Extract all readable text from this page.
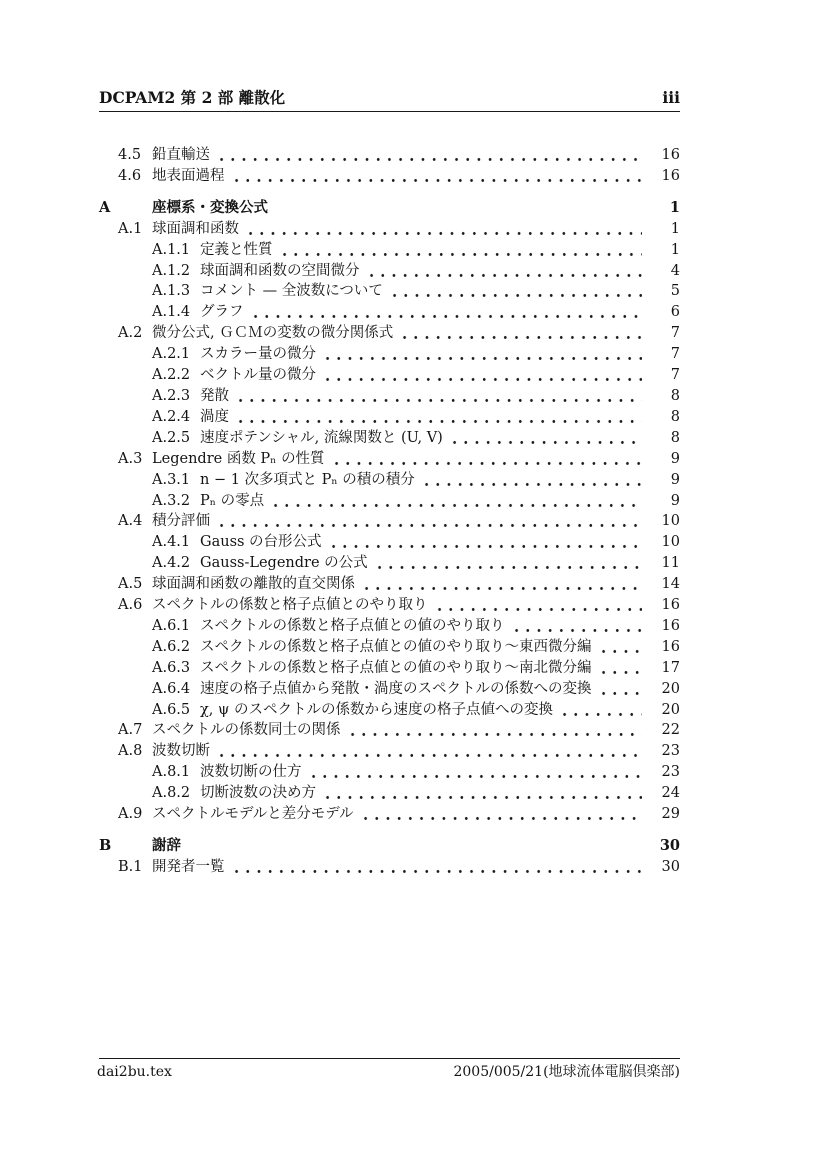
DCPAM2 第 2 部 離散化	iii
4.5 鉛直輸送	16
4.6 地表面過程	16
A	座標系・変換公式	1
A.1 球面調和函数	1
A.1.1 定義と性質	1
A.1.2 球面調和函数の空間微分	4
A.1.3 コメント — 全波数について	5
A.1.4 グラフ	6
A.2 微分公式, ＧＣＭの変数の微分関係式	7
A.2.1 スカラー量の微分	7
A.2.2 ベクトル量の微分	7
A.2.3 発散	8
A.2.4 渦度	8
A.2.5 速度ポテンシャル, 流線関数と (U, V)	8
A.3 Legendre 函数 Pₙ の性質	9
A.3.1 n − 1 次多項式と Pₙ の積の積分	9
A.3.2 Pₙ の零点	9
A.4 積分評価	10
A.4.1 Gauss の台形公式	10
A.4.2 Gauss-Legendre の公式	11
A.5 球面調和函数の離散的直交関係	14
A.6 スペクトルの係数と格子点値とのやり取り	16
A.6.1 スペクトルの係数と格子点値との値のやり取り	16
A.6.2 スペクトルの係数と格子点値との値のやり取り～東西微分編	16
A.6.3 スペクトルの係数と格子点値との値のやり取り～南北微分編	17
A.6.4 速度の格子点値から発散・渦度のスペクトルの係数への変換	20
A.6.5 χ, ψ のスペクトルの係数から速度の格子点値への変換	20
A.7 スペクトルの係数同士の関係	22
A.8 波数切断	23
A.8.1 波数切断の仕方	23
A.8.2 切断波数の決め方	24
A.9 スペクトルモデルと差分モデル	29
B	謝辞	30
B.1 開発者一覧	30
dai2bu.tex	2005/005/21(地球流体電脳倶楽部)
